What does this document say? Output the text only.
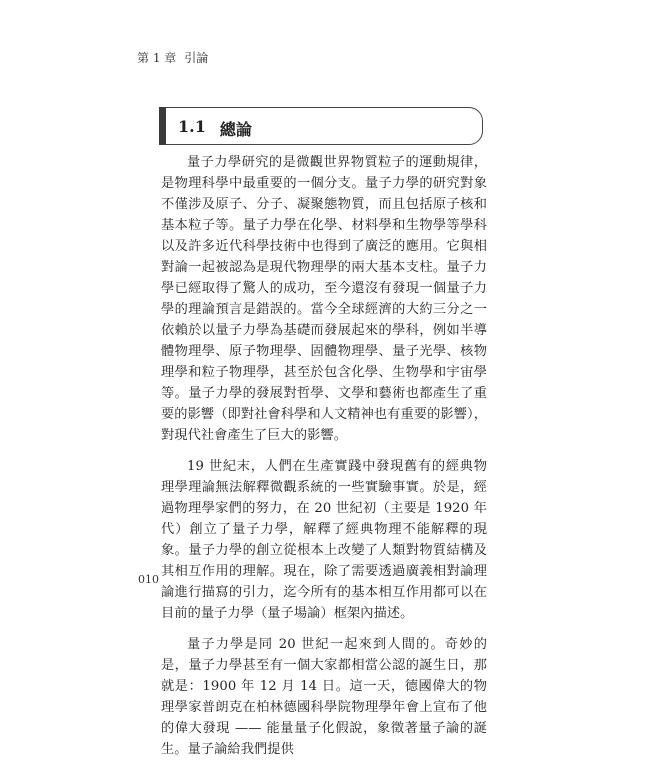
第 1 章 引論
1.1 總論

量子力學研究的是微觀世界物質粒子的運動規律，是物理科學中最重要的一個分支。量子力學的研究對象不僅涉及原子、分子、凝聚態物質，而且包括原子核和基本粒子等。量子力學在化學、材料學和生物學等學科以及許多近代科學技術中也得到了廣泛的應用。它與相對論一起被認為是現代物理學的兩大基本支柱。量子力學已經取得了驚人的成功，至今還沒有發現一個量子力學的理論預言是錯誤的。當今全球經濟的大約三分之一依賴於以量子力學為基礎而發展起來的學科，例如半導體物理學、原子物理學、固體物理學、量子光學、核物理學和粒子物理學，甚至於包含化學、生物學和宇宙學等。量子力學的發展對哲學、文學和藝術也都產生了重要的影響（即對社會科學和人文精神也有重要的影響），對現代社會產生了巨大的影響。

19 世紀末，人們在生產實踐中發現舊有的經典物理學理論無法解釋微觀系統的一些實驗事實。於是，經過物理學家們的努力，在 20 世紀初（主要是 1920 年代）創立了量子力學，解釋了經典物理不能解釋的現象。量子力學的創立從根本上改變了人類對物質結構及其相互作用的理解。現在，除了需要透過廣義相對論理論進行描寫的引力，迄今所有的基本相互作用都可以在目前的量子力學（量子場論）框架內描述。

量子力學是同 20 世紀一起來到人間的。奇妙的是，量子力學甚至有一個大家都相當公認的誕生日，那就是：1900 年 12 月 14 日。這一天，德國偉大的物理學家普朗克在柏林德國科學院物理學年會上宣布了他的偉大發現 —— 能量量子化假說，象徵著量子論的誕生。量子論給我們提供

010
